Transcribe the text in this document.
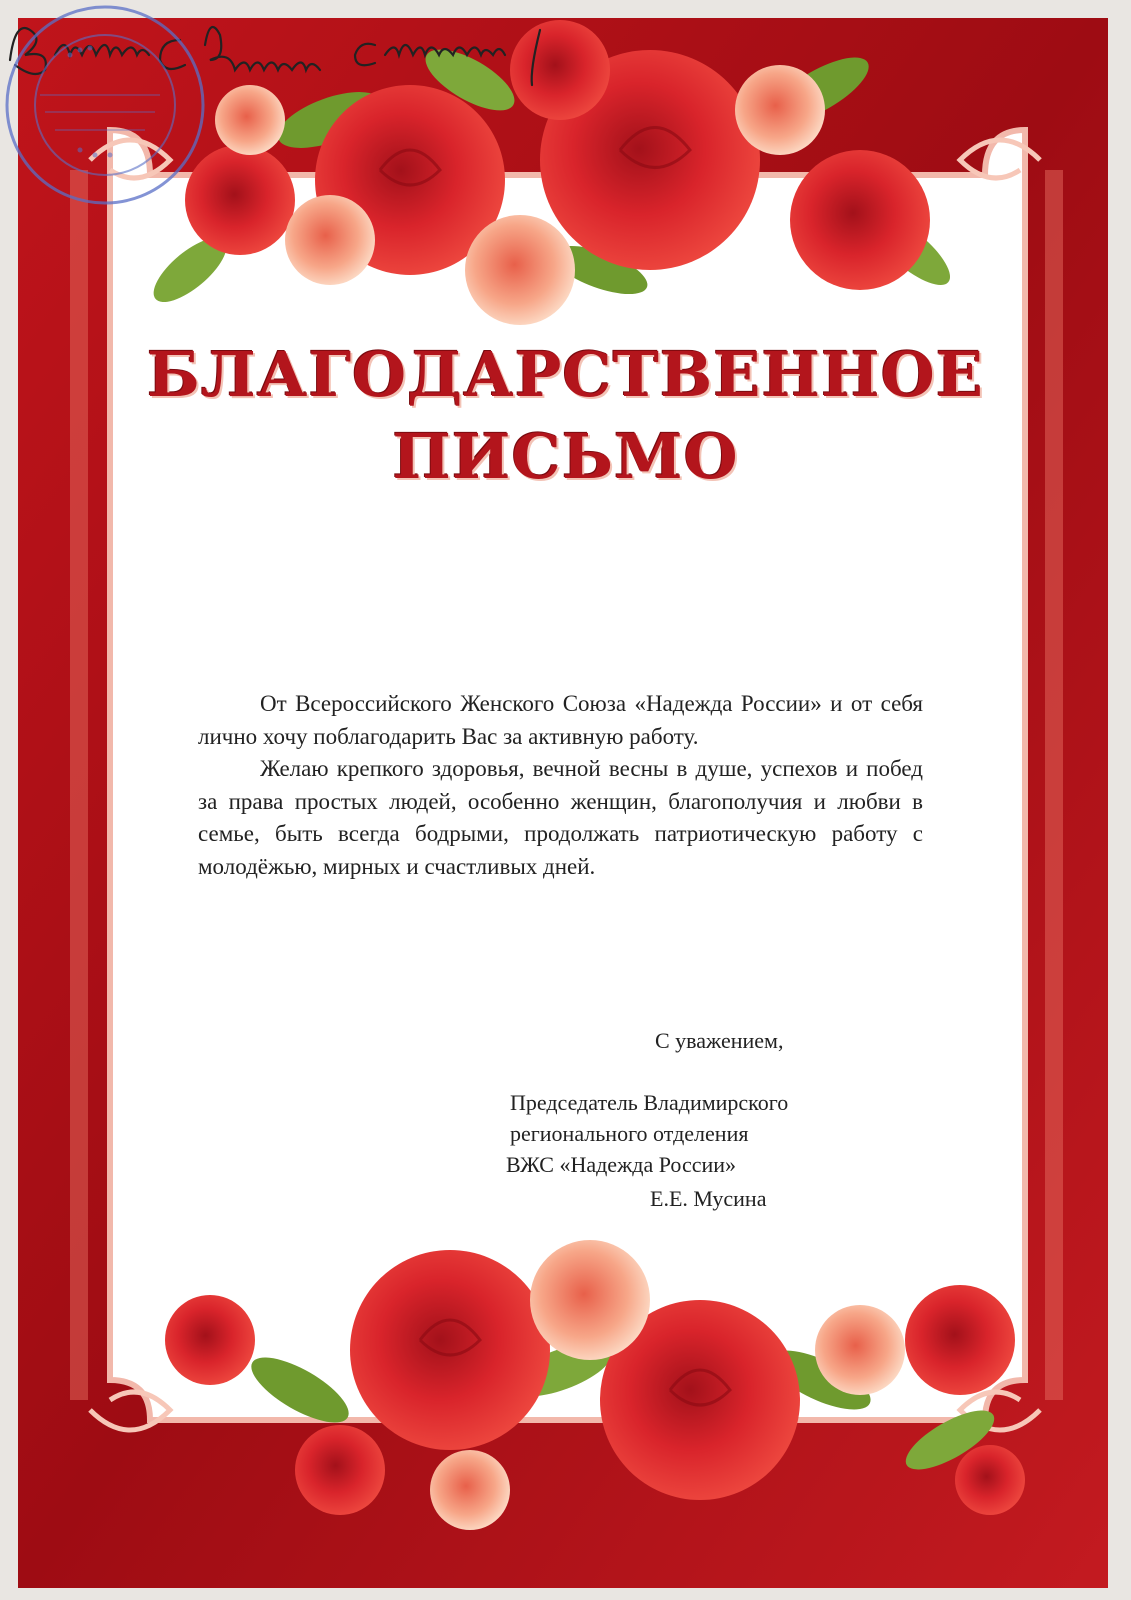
БЛАГОДАРСТВЕННОЕ
ПИСЬМО

От Всероссийского Женского Союза «Надежда России» и от себя лично хочу поблагодарить Вас за активную работу.

Желаю крепкого здоровья, вечной весны в душе, успехов и побед за права простых людей, особенно женщин, благополучия и любви в семье, быть всегда бодрыми, продолжать патриотическую работу с молодёжью, мирных и счастливых дней.

С уважением,
Председатель Владимирского
регионального отделения
ВЖС «Надежда России»
Е.Е. Мусина
